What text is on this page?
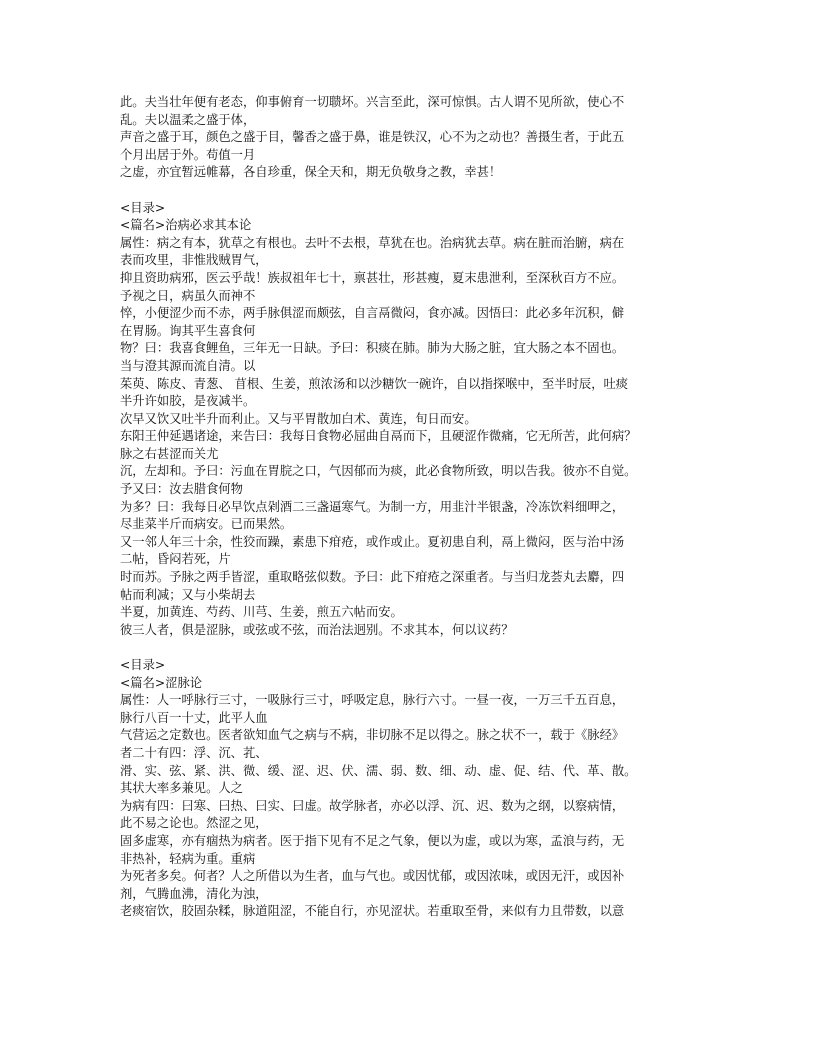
此。夫当壮年便有老态，仰事俯育一切聩坏。兴言至此，深可惊惧。古人谓不见所欲，使心不
乱。夫以温柔之盛于体，
声音之盛于耳，颜色之盛于目，馨香之盛于鼻，谁是铁汉，心不为之动也？善摄生者，于此五
个月出居于外。苟值一月
之虚，亦宜暂远帷幕，各自珍重，保全天和，期无负敬身之教，幸甚！
<目录>
<篇名>治病必求其本论
属性：病之有本，犹草之有根也。去叶不去根，草犹在也。治病犹去草。病在脏而治腑，病在
表而攻里，非惟戕贼胃气，
抑且资助病邪，医云乎哉！族叔祖年七十，禀甚壮，形甚瘦，夏末患泄利，至深秋百方不应。
予视之日，病虽久而神不
悴，小便涩少而不赤，两手脉俱涩而颇弦，自言鬲微闷，食亦减。因悟曰：此必多年沉积，僻
在胃肠。询其平生喜食何
物？曰：我喜食鲤鱼，三年无一日缺。予曰：积痰在肺。肺为大肠之脏，宜大肠之本不固也。
当与澄其源而流自清。以
茱萸、陈皮、青葱、 苜根、生姜，煎浓汤和以沙糖饮一碗许，自以指探喉中，至半时辰，吐痰
半升许如胶，是夜减半。
次早又饮又吐半升而利止。又与平胃散加白术、黄连，旬日而安。
东阳王仲延遇诸途，来告曰：我每日食物必屈曲自鬲而下，且硬涩作微痛，它无所苦，此何病？
脉之右甚涩而关尤
沉，左却和。予曰：污血在胃脘之口，气因郁而为痰，此必食物所致，明以告我。彼亦不自觉。
予又曰：汝去腊食何物
为多？曰：我每日必早饮点剁酒二三盏逼寒气。为制一方，用韭汁半银盏，冷冻饮料细呷之，
尽韭菜半斤而病安。已而果然。
又一邻人年三十余，性狡而躁，素患下疳疮，或作或止。夏初患自利，鬲上微闷，医与治中汤
二帖，昏闷若死，片
时而苏。予脉之两手皆涩，重取略弦似数。予曰：此下疳疮之深重者。与当归龙荟丸去麝，四
帖而利减；又与小柴胡去
半夏，加黄连、芍药、川芎、生姜，煎五六帖而安。
彼三人者，俱是涩脉，或弦或不弦，而治法迥别。不求其本，何以议药？
<目录>
<篇名>涩脉论
属性：人一呼脉行三寸，一吸脉行三寸，呼吸定息，脉行六寸。一昼一夜，一万三千五百息，
脉行八百一十丈，此平人血
气营运之定数也。医者欲知血气之病与不病，非切脉不足以得之。脉之状不一，载于《脉经》
者二十有四：浮、沉、芤、
滑、实、弦、紧、洪、微、缓、涩、迟、伏、濡、弱、数、细、动、虚、促、结、代、革、散。
其状大率多兼见。人之
为病有四：曰寒、曰热、曰实、曰虚。故学脉者，亦必以浮、沉、迟、数为之纲，以察病情，
此不易之论也。然涩之见，
固多虚寒，亦有痼热为病者。医于指下见有不足之气象，便以为虚，或以为寒，孟浪与药，无
非热补，轻病为重。重病
为死者多矣。何者？人之所借以为生者，血与气也。或因忧郁，或因浓味，或因无汗，或因补
剂，气腾血沸，清化为浊，
老痰宿饮，胶固杂糅，脉道阻涩，不能自行，亦见涩状。若重取至骨，来似有力且带数，以意
